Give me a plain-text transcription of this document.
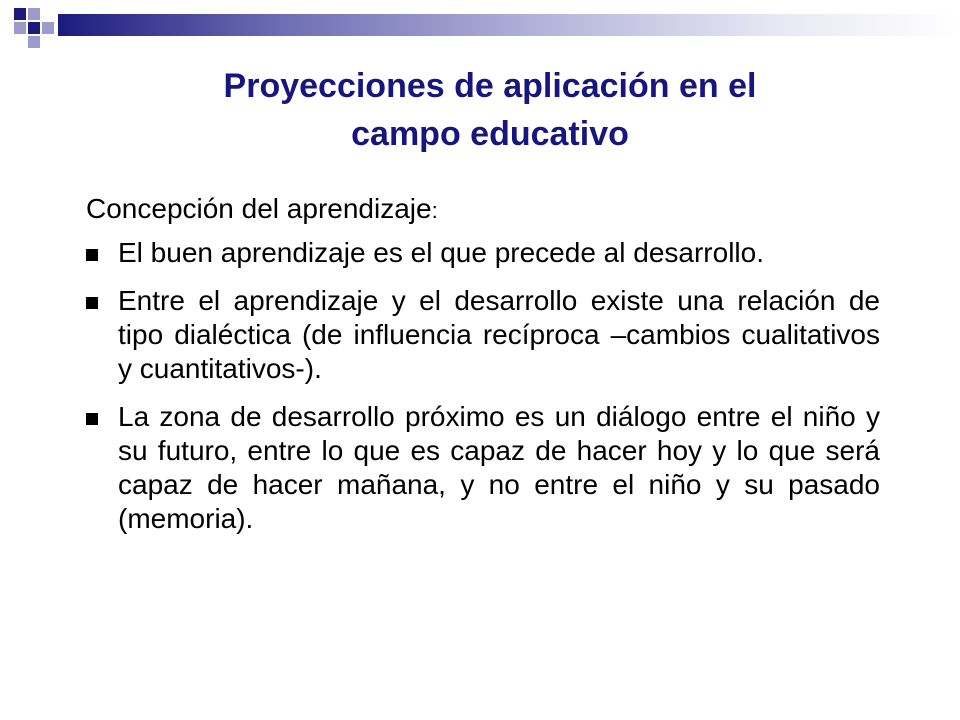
Proyecciones de aplicación en el
campo educativo

Concepción del aprendizaje:

El buen aprendizaje es el que precede al desarrollo.
Entre el aprendizaje y el desarrollo existe una relación de tipo dialéctica (de influencia recíproca –cambios cualitativos y cuantitativos-).
La zona de desarrollo próximo es un diálogo entre el niño y su futuro, entre lo que es capaz de hacer hoy y lo que será capaz de hacer mañana, y no entre el niño y su pasado (memoria).
